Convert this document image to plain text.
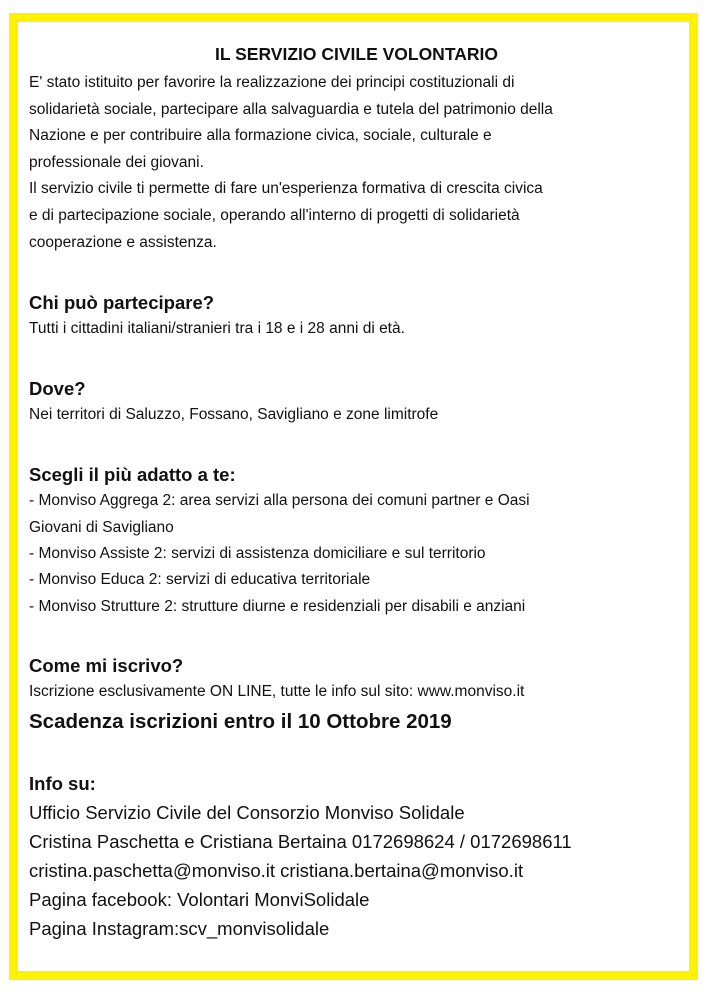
IL SERVIZIO CIVILE VOLONTARIO
E' stato istituito per favorire la realizzazione dei principi costituzionali di
solidarietà sociale, partecipare alla salvaguardia e tutela del patrimonio della
Nazione e per contribuire alla formazione civica, sociale, culturale e
professionale dei giovani.
Il servizio civile ti permette di fare un'esperienza formativa di crescita civica
e di partecipazione sociale, operando all'interno di progetti di solidarietà
cooperazione e assistenza.
Chi può partecipare?
Tutti i cittadini italiani/stranieri tra i 18 e i 28 anni di età.
Dove?
Nei territori di Saluzzo, Fossano, Savigliano e zone limitrofe
Scegli il più adatto a te:
- Monviso Aggrega 2: area servizi alla persona dei comuni partner e Oasi
Giovani di Savigliano
- Monviso Assiste 2: servizi di assistenza domiciliare e sul territorio
- Monviso Educa 2: servizi di educativa territoriale
- Monviso Strutture 2: strutture diurne e residenziali per disabili e anziani
Come mi iscrivo?
Iscrizione esclusivamente ON LINE, tutte le info sul sito: www.monviso.it
Scadenza iscrizioni entro il 10 Ottobre 2019
Info su:
Ufficio Servizio Civile del Consorzio Monviso Solidale
Cristina Paschetta e Cristiana Bertaina 0172698624 / 0172698611
cristina.paschetta@monviso.it cristiana.bertaina@monviso.it
Pagina facebook: Volontari MonviSolidale
Pagina Instagram:scv_monvisolidale
